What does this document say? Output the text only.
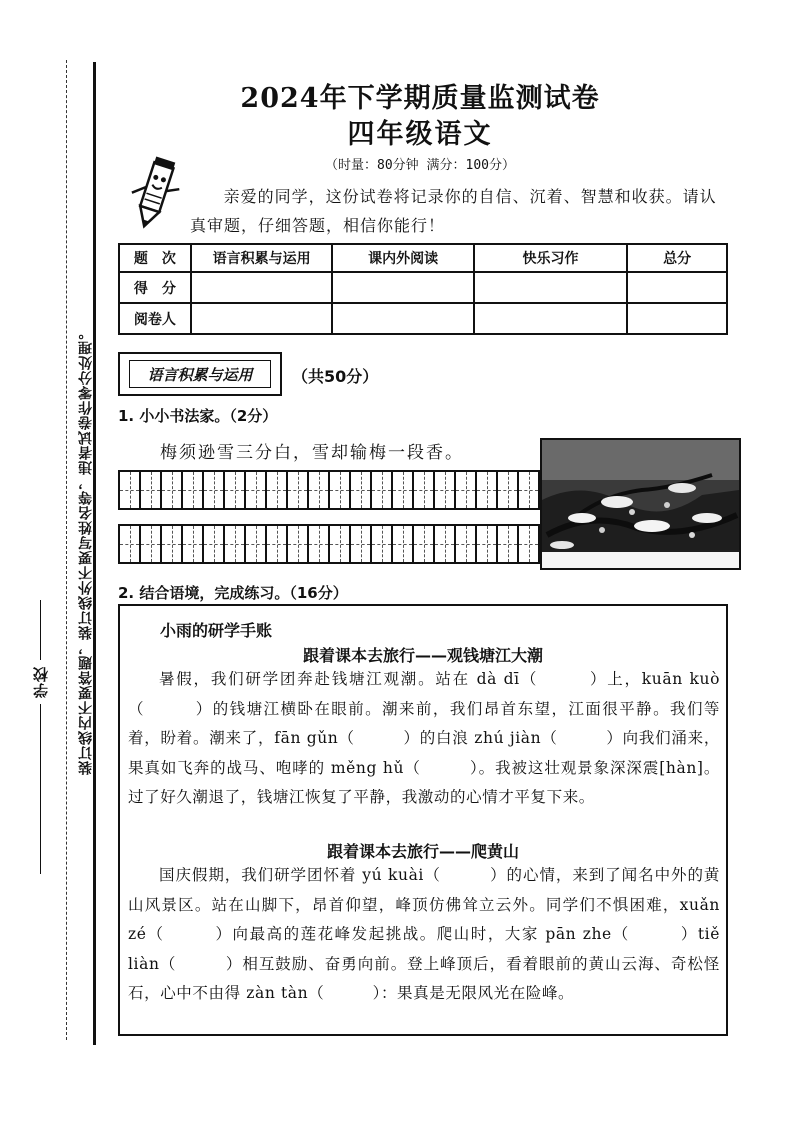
装订线内不要答题，装订线外不要写姓名等，违者试卷作零分处理。
学校
2024年下学期质量监测试卷
四年级语文
（时量：80分钟 满分：100分）
亲爱的同学，这份试卷将记录你的自信、沉着、智慧和收获。请认真审题，仔细答题，相信你能行！
题　次	语言积累与运用	课内外阅读	快乐习作	总分
得　分				
阅卷人				
语言积累与运用	（共50分）
1. 小小书法家。（2分）
梅须逊雪三分白，雪却输梅一段香。
2. 结合语境，完成练习。（16分）
小雨的研学手账
跟着课本去旅行——观钱塘江大潮
暑假，我们研学团奔赴钱塘江观潮。站在 dà dī（　　　）上，kuān kuò（　　　）的钱塘江横卧在眼前。潮来前，我们昂首东望，江面很平静。我们等着，盼着。潮来了，fān gǔn（　　　）的白浪 zhú jiàn（　　　）向我们涌来，果真如飞奔的战马、咆哮的 měng hǔ（　　　）。我被这壮观景象深深震[hàn]。过了好久潮退了，钱塘江恢复了平静，我激动的心情才平复下来。
跟着课本去旅行——爬黄山
国庆假期，我们研学团怀着 yú kuài（　　　）的心情，来到了闻名中外的黄山风景区。站在山脚下，昂首仰望，峰顶仿佛耸立云外。同学们不惧困难，xuǎn zé（　　　）向最高的莲花峰发起挑战。爬山时，大家 pān zhe（　　　）tiě liàn（　　　）相互鼓励、奋勇向前。登上峰顶后，看着眼前的黄山云海、奇松怪石，心中不由得 zàn tàn（　　　）：果真是无限风光在险峰。
